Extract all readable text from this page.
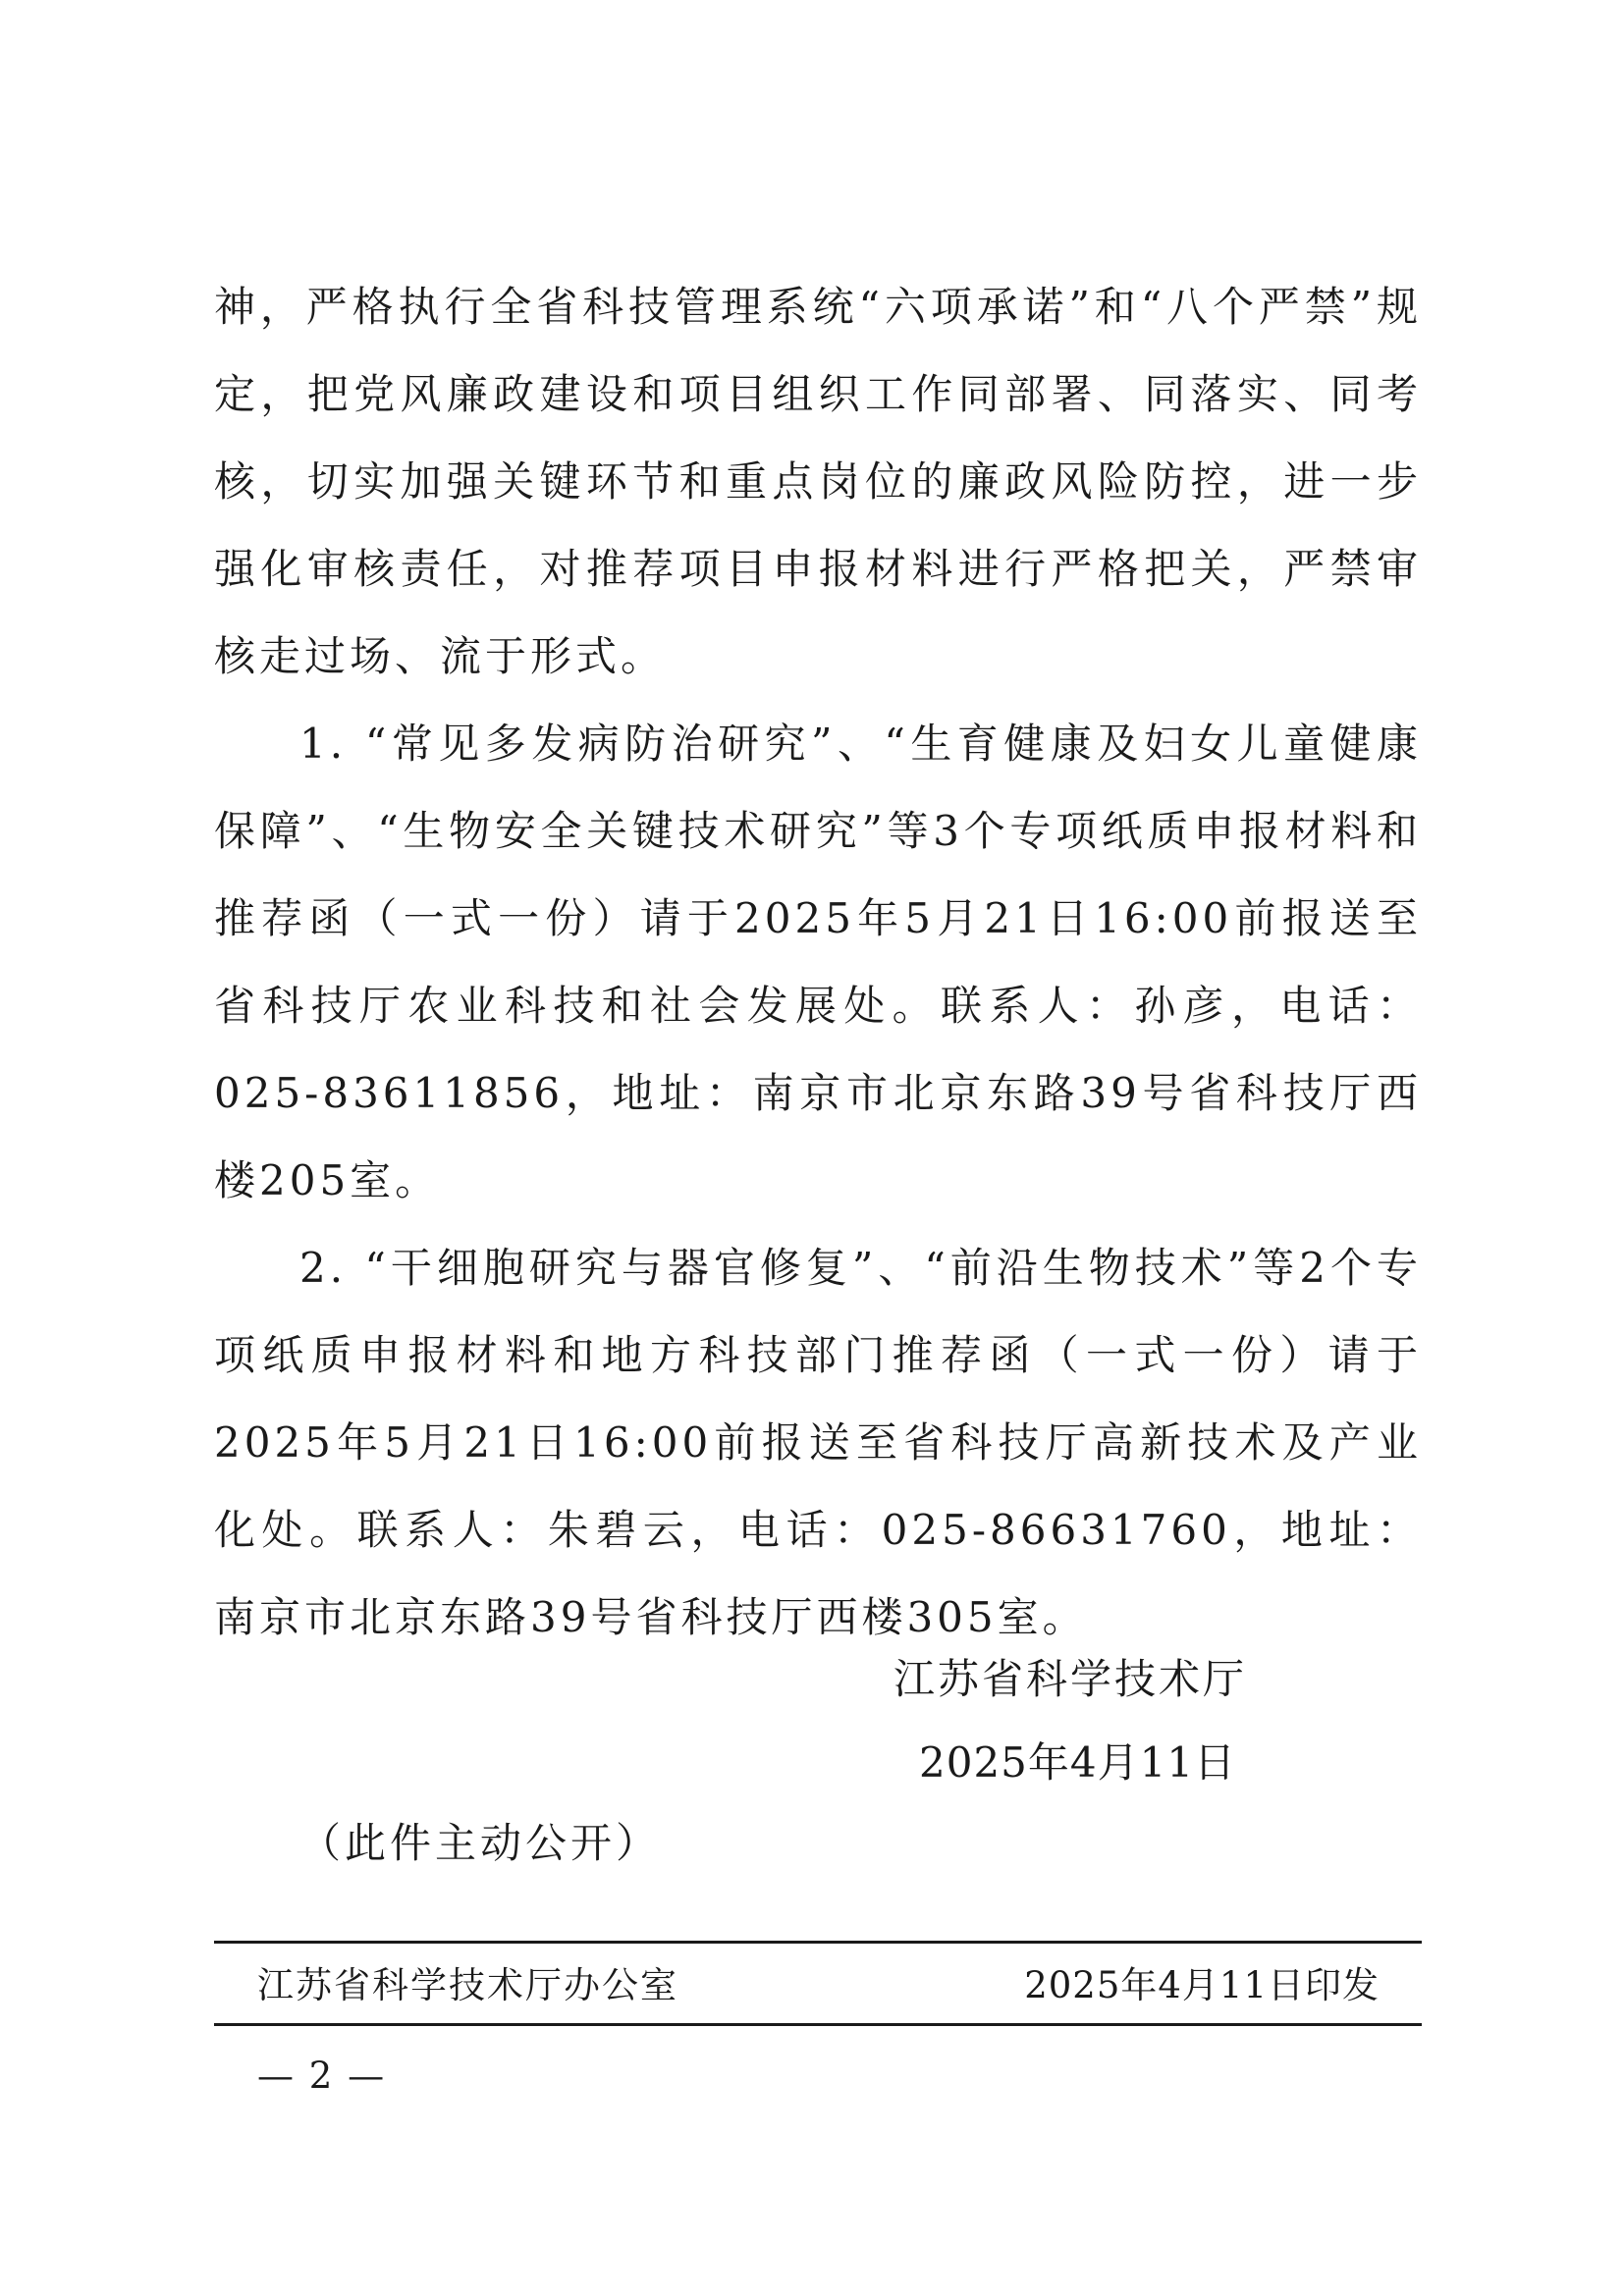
神，严格执行全省科技管理系统“六项承诺”和“八个严禁”规定，把党风廉政建设和项目组织工作同部署、同落实、同考核，切实加强关键环节和重点岗位的廉政风险防控，进一步强化审核责任，对推荐项目申报材料进行严格把关，严禁审核走过场、流于形式。

1. “常见多发病防治研究”、“生育健康及妇女儿童健康保障”、“生物安全关键技术研究”等3个专项纸质申报材料和推荐函（一式一份）请于2025年5月21日16:00前报送至省科技厅农业科技和社会发展处。联系人：孙彦，电话：025-83611856，地址：南京市北京东路39号省科技厅西楼205室。

2. “干细胞研究与器官修复”、“前沿生物技术”等2个专项纸质申报材料和地方科技部门推荐函（一式一份）请于2025年5月21日16:00前报送至省科技厅高新技术及产业化处。联系人：朱碧云，电话：025-86631760，地址：南京市北京东路39号省科技厅西楼305室。

江苏省科学技术厅
2025年4月11日
（此件主动公开）
江苏省科学技术厅办公室	2025年4月11日印发
— 2 —
